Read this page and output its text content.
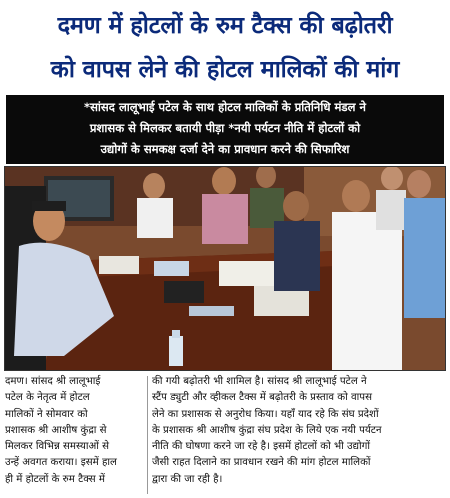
दमण में होटलों के रुम टैक्स की बढ़ोतरी
को वापस लेने की होटल मालिकों की मांग
*सांसद लालूभाई पटेल के साथ होटल मालिकों के प्रतिनिधि मंडल ने
प्रशासक से मिलकर बतायी पीड़ा *नयी पर्यटन नीति में होटलों को
उद्योगों के समकक्ष दर्जा देने का प्रावधान करने की सिफारिश
दमण। सांसद श्री लालूभाई
पटेल के नेतृत्व में होटल
मालिकों ने सोमवार को
प्रशासक श्री आशीष कुंद्रा से
मिलकर विभिन्न समस्याओं से
उन्हें अवगत कराया। इसमें हाल
ही में होटलों के रुम टैक्स में
की गयी बढ़ोतरी भी शामिल है। सांसद श्री लालूभाई पटेल ने
स्टैंप ड्युटी और व्हीकल टैक्स में बढ़ोतरी के प्रस्ताव को वापस
लेने का प्रशासक से अनुरोध किया। यहाँ याद रहे कि संघ प्रदेशों
के प्रशासक श्री आशीष कुंद्रा संघ प्रदेश के लिये एक नयी पर्यटन
नीति की घोषणा करने जा रहे है। इसमें होटलों को भी उद्योगों
जैसी राहत दिलाने का प्रावधान रखने की मांग होटल मालिकों
द्वारा की जा रही है।
